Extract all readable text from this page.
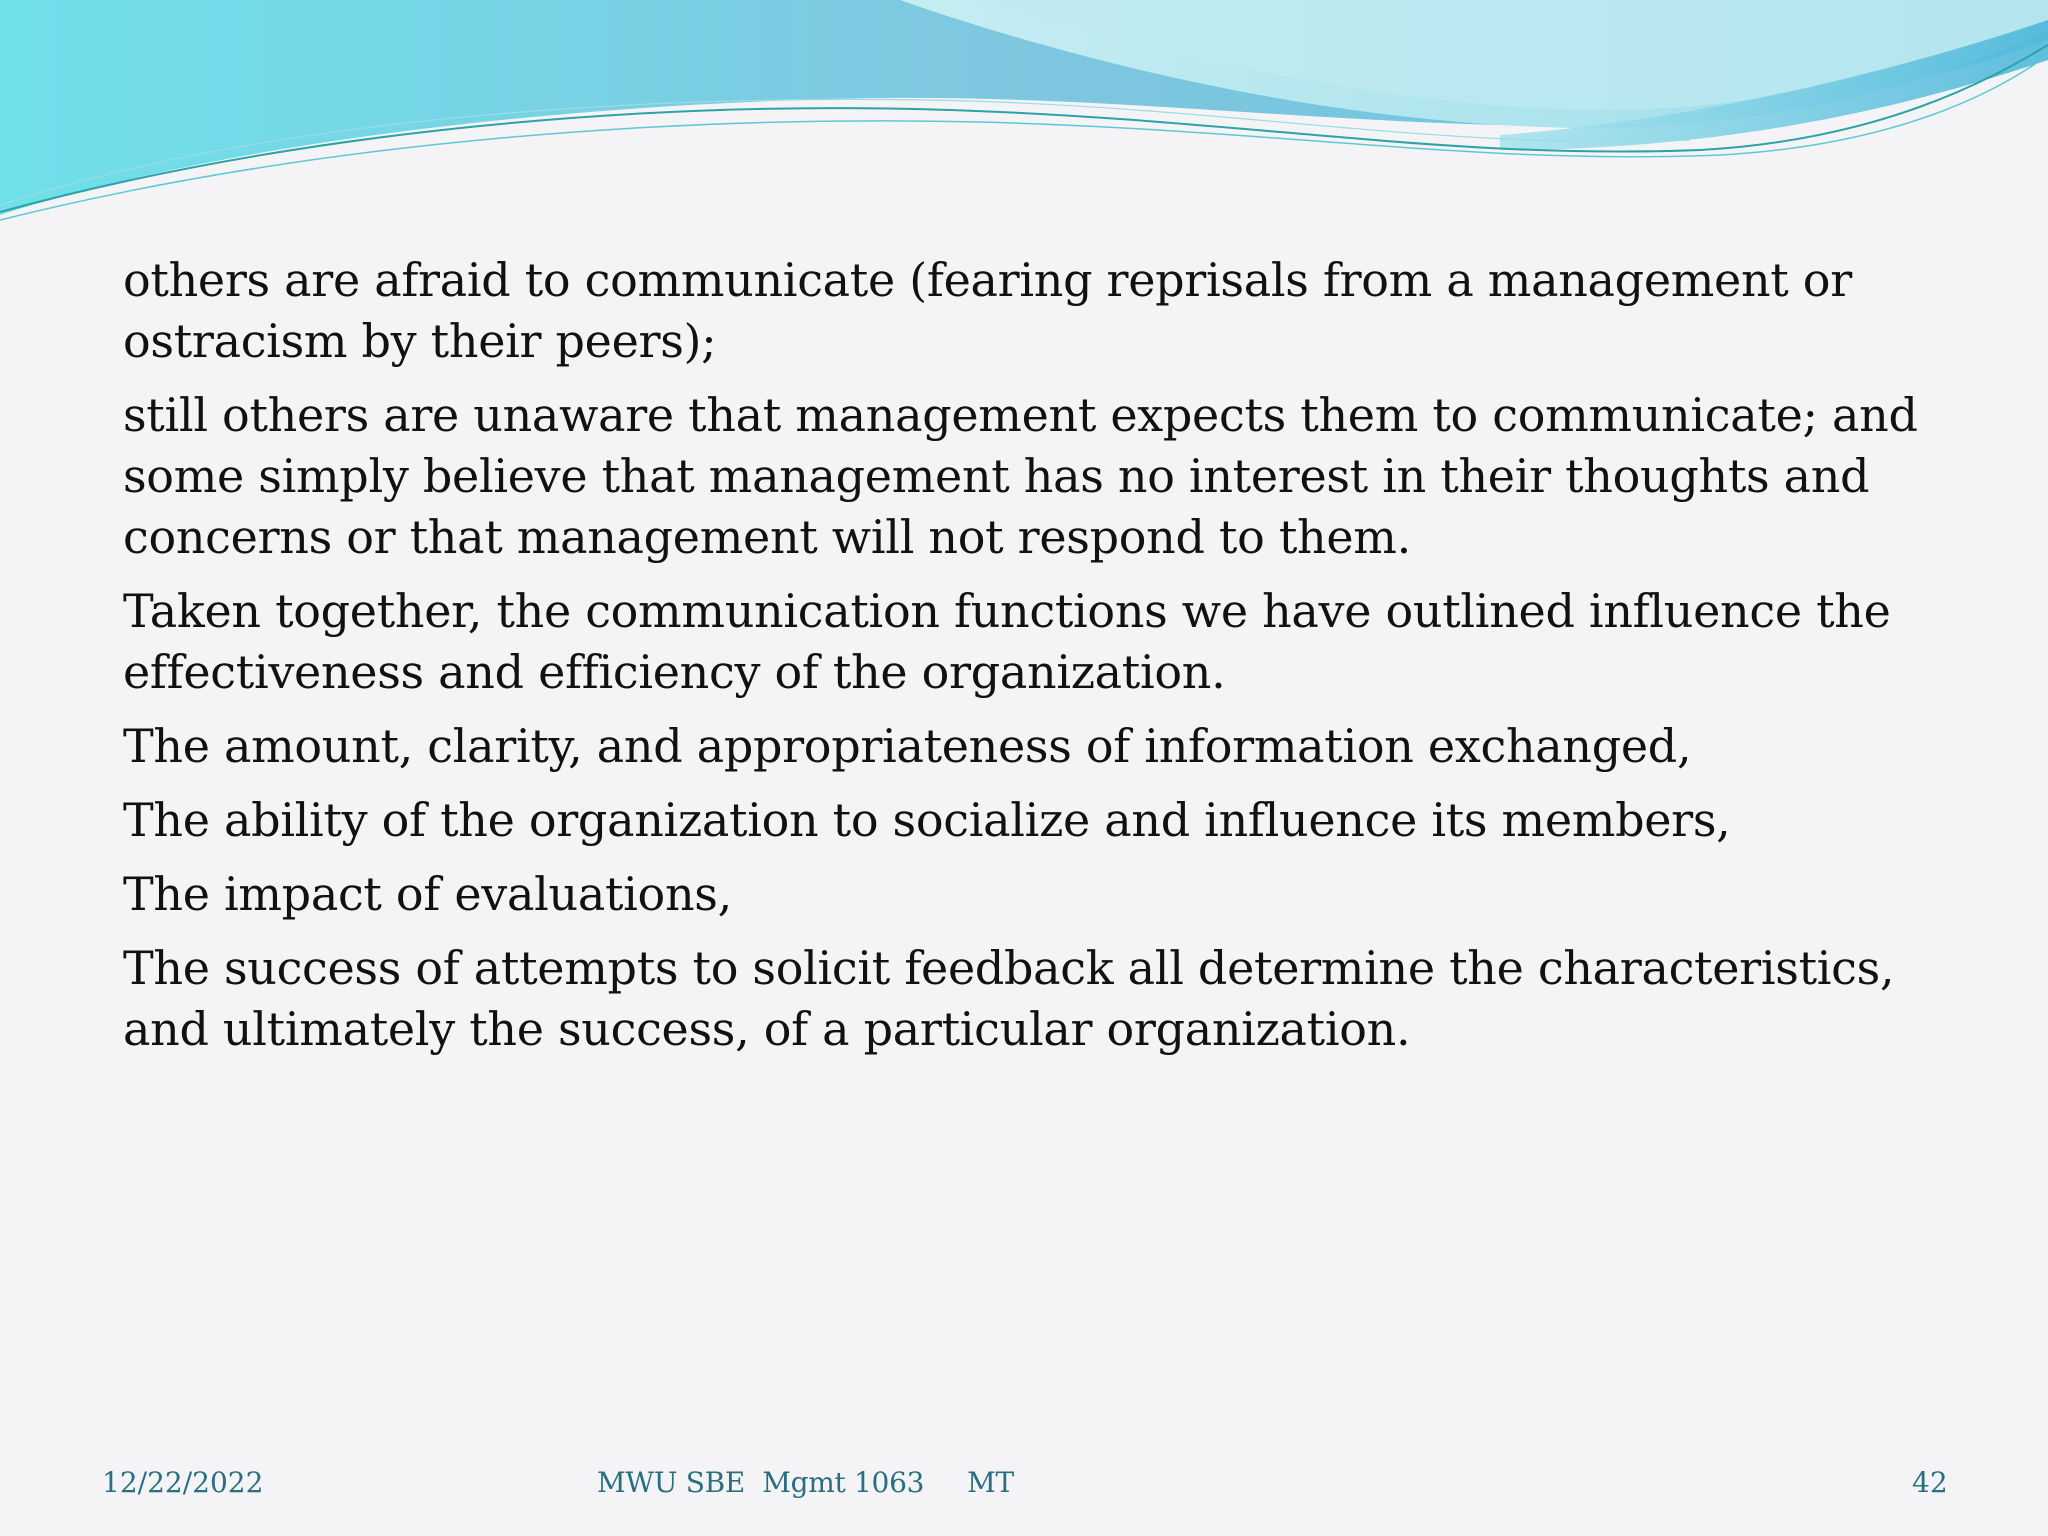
others are afraid to communicate (fearing reprisals from a management or ostracism by their peers);

still others are unaware that management expects them to communicate; and some simply believe that management has no interest in their thoughts and concerns or that management will not respond to them.

Taken together, the communication functions we have outlined influence the effectiveness and efficiency of the organization.

The amount, clarity, and appropriateness of information exchanged,

The ability of the organization to socialize and influence its members,

The impact of evaluations,

The success of attempts to solicit feedback all determine the characteristics, and ultimately the success, of a particular organization.

12/22/2022	MWU SBE  Mgmt 1063     MT	42
